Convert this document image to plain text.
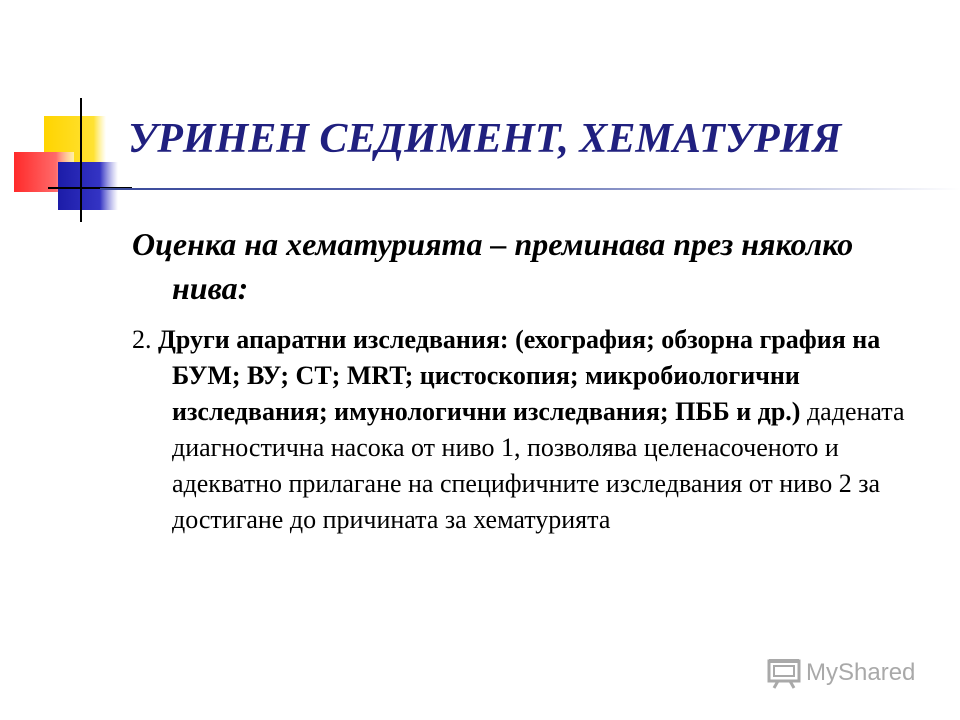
УРИНЕН СЕДИМЕНТ, ХЕМАТУРИЯ

Оценка на хематурията – преминава през няколко нива:

2. Други апаратни изследвания: (ехография; обзорна графия на БУМ; ВУ; СТ; MRT; цистоскопия; микробиологични изследвания; имунологични изследвания; ПББ и др.) дадената диагностична насока от ниво 1, позволява целенасоченото и адекватно прилагане на специфичните изследвания от ниво 2 за достигане до причината за хематурията

MyShared
